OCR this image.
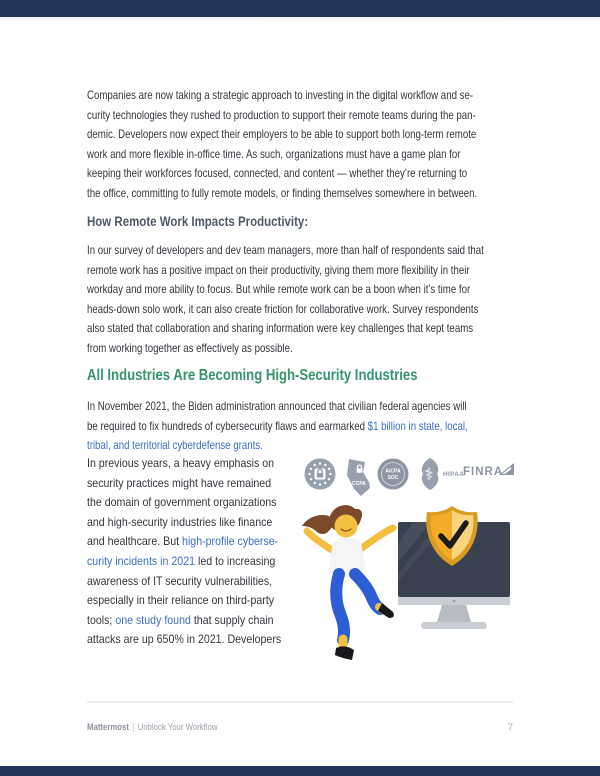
Companies are now taking a strategic approach to investing in the digital workflow and se-
curity technologies they rushed to production to support their remote teams during the pan-
demic. Developers now expect their employers to be able to support both long-term remote
work and more flexible in-office time. As such, organizations must have a game plan for
keeping their workforces focused, connected, and content — whether they’re returning to
the office, committing to fully remote models, or finding themselves somewhere in between.
How Remote Work Impacts Productivity:
In our survey of developers and dev team managers, more than half of respondents said that
remote work has a positive impact on their productivity, giving them more flexibility in their
workday and more ability to focus. But while remote work can be a boon when it’s time for
heads-down solo work, it can also create friction for collaborative work. Survey respondents
also stated that collaboration and sharing information were key challenges that kept teams
from working together as effectively as possible.
All Industries Are Becoming High-Security Industries
In November 2021, the Biden administration announced that civilian federal agencies will
be required to fix hundreds of cybersecurity flaws and earmarked $1 billion in state, local,
tribal, and territorial cyberdefense grants.
In previous years, a heavy emphasis on
security practices might have remained
the domain of government organizations
and high-security industries like finance
and healthcare. But high-profile cyberse-
curity incidents in 2021 led to increasing
awareness of IT security vulnerabilities,
especially in their reliance on third-party
tools; one study found that supply chain
attacks are up 650% in 2021. Developers
CCPA
AICPA
SOC ⚕ HIPAA
FINRA
Mattermost | Unblock Your Workflow	7
